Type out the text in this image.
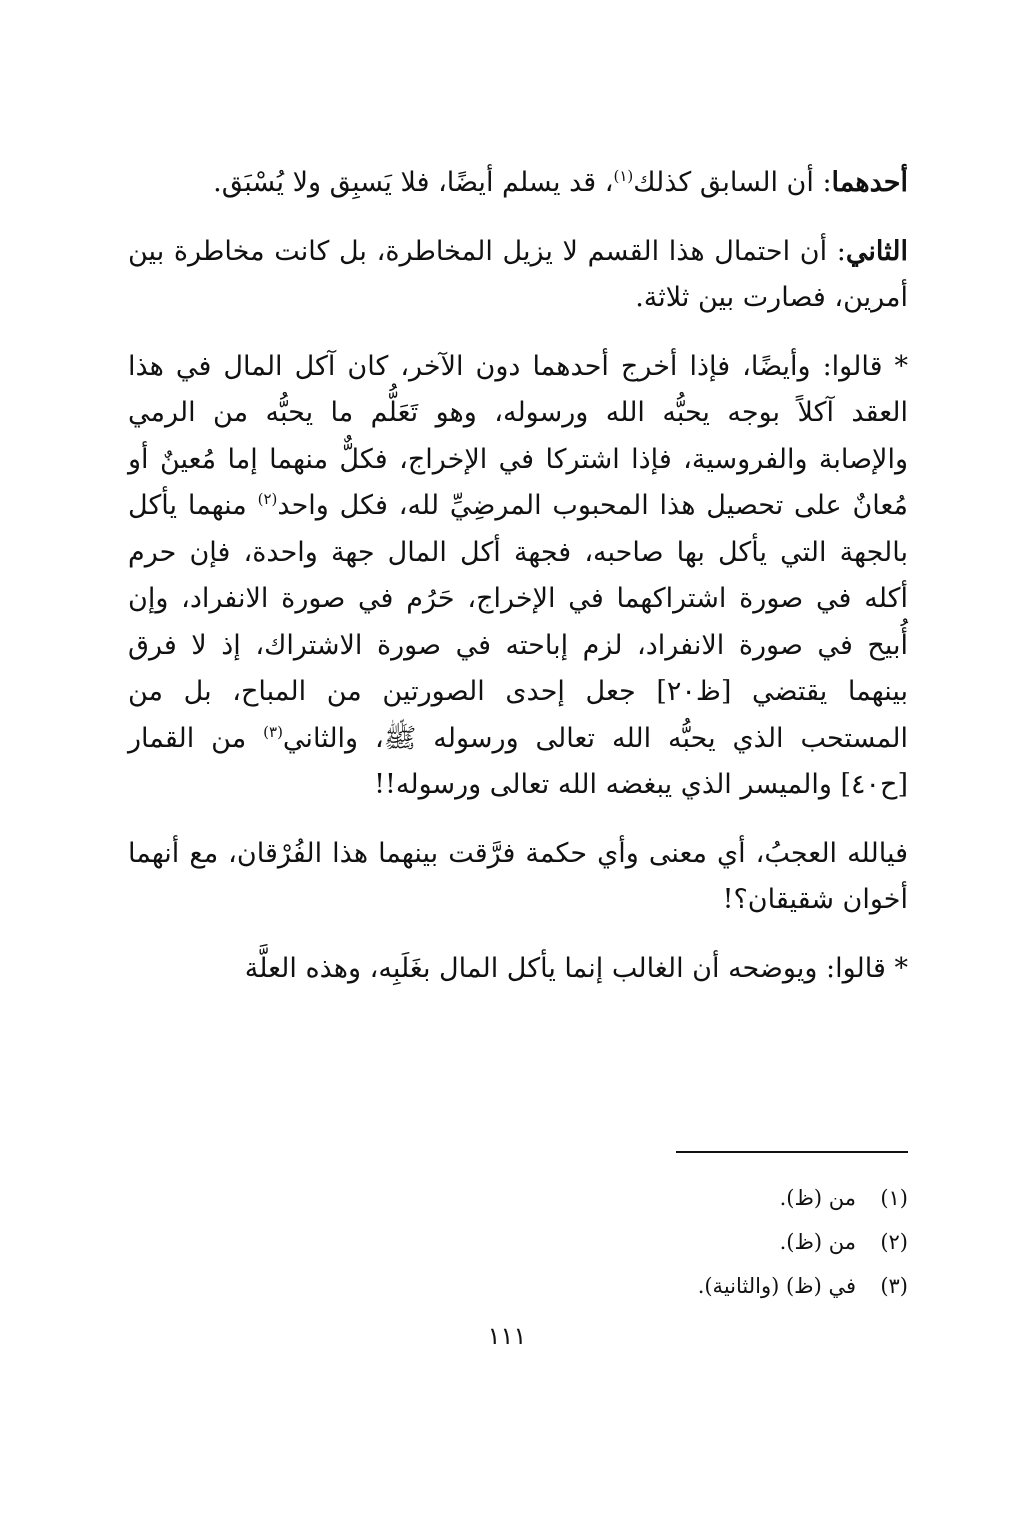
أحدهما: أن السابق كذلك$^{(١)}$، قد يسلم أيضًا، فلا يَسبِق ولا يُسْبَق.

الثاني: أن احتمال هذا القسم لا يزيل المخاطرة، بل كانت مخاطرة بين أمرين، فصارت بين ثلاثة.

* قالوا: وأيضًا، فإذا أخرج أحدهما دون الآخر، كان آكل المال في هذا العقد آكلاً بوجه يحبُّه الله ورسوله، وهو تَعَلُّم ما يحبُّه من الرمي والإصابة والفروسية، فإذا اشتركا في الإخراج، فكلٌّ منهما إما مُعينٌ أو مُعانٌ على تحصيل هذا المحبوب المرضِيِّ لله، فكل واحد$^{(٢)}$ منهما يأكل بالجهة التي يأكل بها صاحبه، فجهة أكل المال جهة واحدة، فإن حرم أكله في صورة اشتراكهما في الإخراج، حَرُم في صورة الانفراد، وإن أُبيح في صورة الانفراد، لزم إباحته في صورة الاشتراك، إذ لا فرق بينهما يقتضي [ظ٢٠] جعل إحدى الصورتين من المباح، بل من المستحب الذي يحبُّه الله تعالى ورسوله ﷺ، والثاني$^{(٣)}$ من القمار [ح٤٠] والميسر الذي يبغضه الله تعالى ورسوله!!

فيالله العجبُ، أي معنى وأي حكمة فرَّقت بينهما هذا الفُرْقان، مع أنهما أخوان شقيقان؟!

* قالوا: ويوضحه أن الغالب إنما يأكل المال بغَلَبِه، وهذه العلَّة

(١)من (ظ).
(٢)من (ظ).
(٣)في (ظ) (والثانية).
١١١
